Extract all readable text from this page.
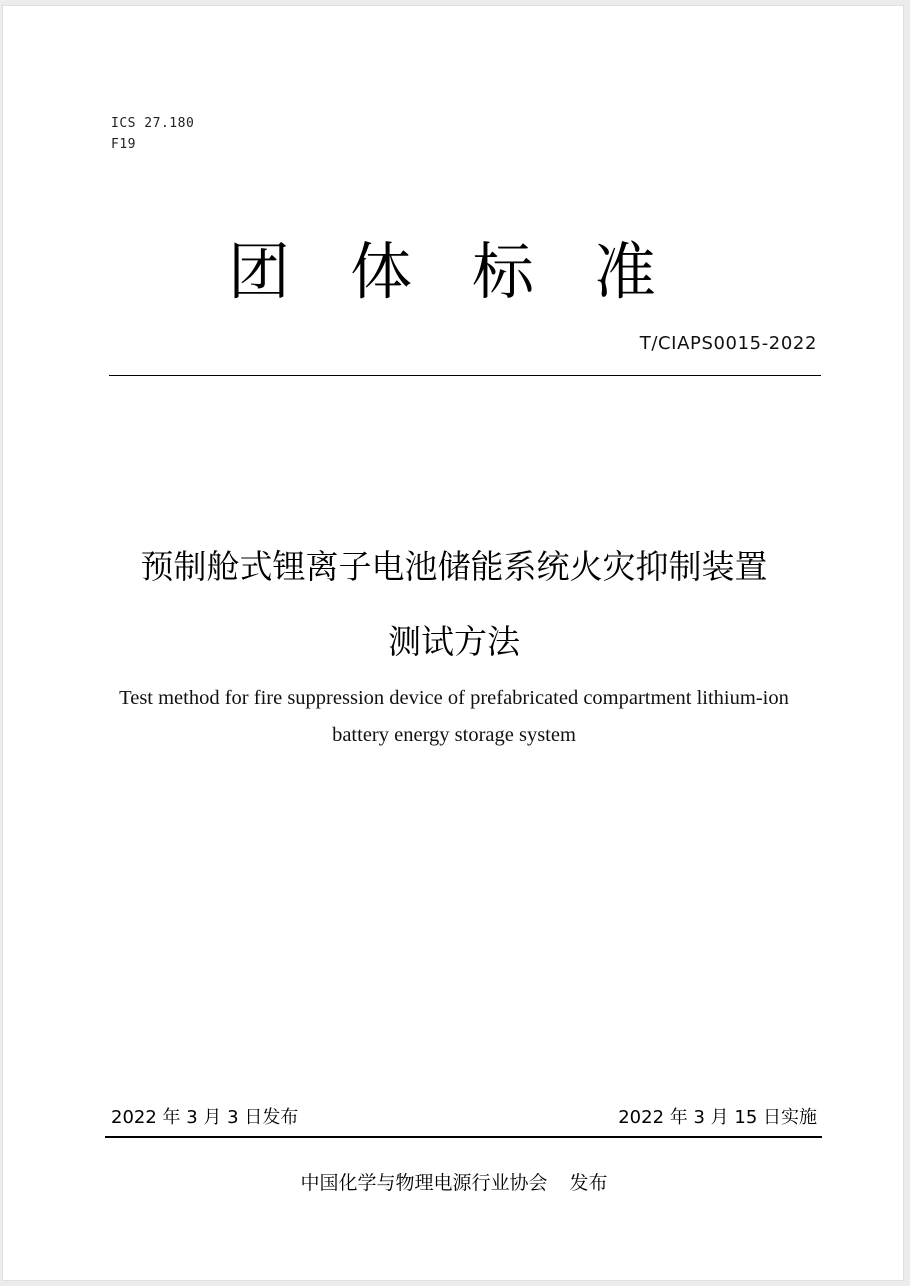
ICS 27.180
F19
团体标准
T/CIAPS0015-2022
预制舱式锂离子电池储能系统火灾抑制装置
测试方法
Test method for fire suppression device of prefabricated compartment lithium-ion
battery energy storage system
2022 年 3 月 3 日发布	2022 年 3 月 15 日实施
中国化学与物理电源行业协会 发布
